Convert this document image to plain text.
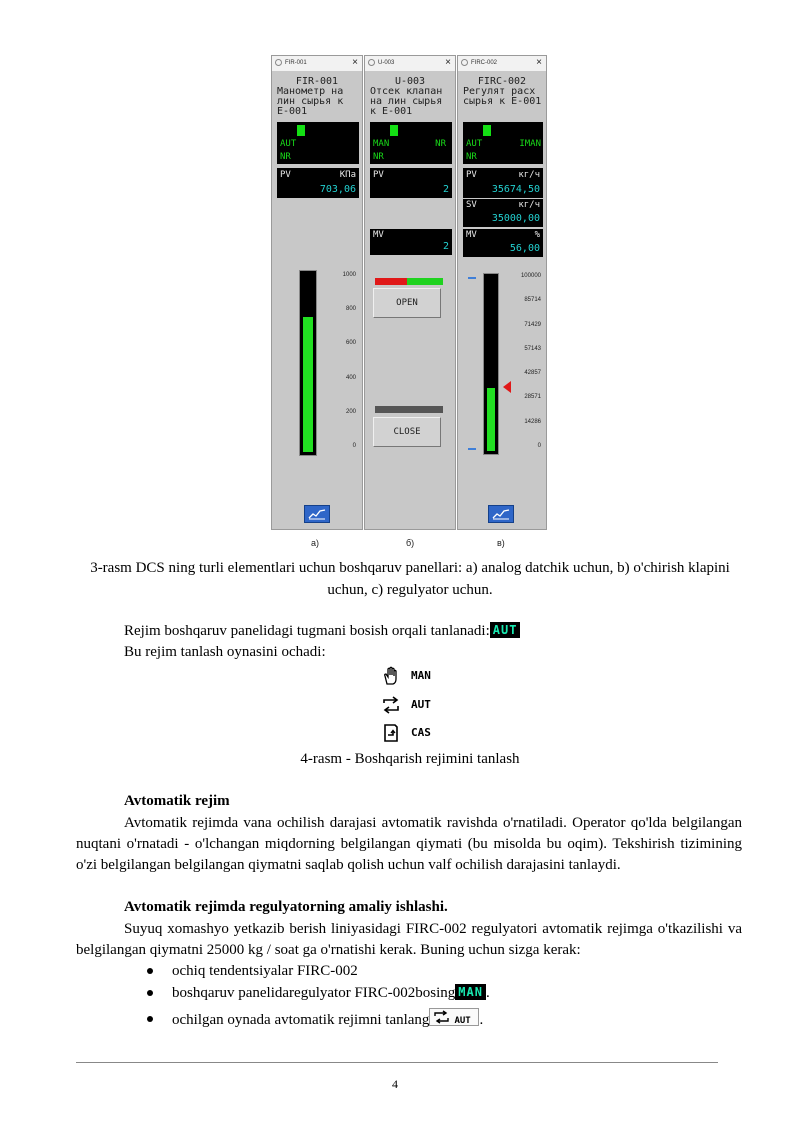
FIR-001	×
FIR-001
Манометр на
лин сырья к
E-001
AUT
NR
PV	КПа
703,06
1000
800
600
400
200
0
U-003	×
U-003
Отсек клапан
на лин сырья
к E-001
MAN	NR
NR
PV
2
MV
2
OPEN
CLOSE
FIRC-002	×
FIRC-002
Регулят расх
сырья к E-001
AUT	IMAN
NR
PV	кг/ч
35674,50
SV	кг/ч
35000,00
MV	%
56,00
100000
85714
71429
57143
42857
28571
14286
0
а)	б)	в)
3-rasm DCS ning turli elementlari uchun boshqaruv panellari: a) analog datchik uchun, b) o'chirish klapini uchun, c) regulyator uchun.
Rejim boshqaruv panelidagi tugmani bosish orqali tanlanadi: AUT
Bu rejim tanlash oynasini ochadi:
MAN
AUT
CAS
4-rasm - Boshqarish rejimini tanlash
Avtomatik rejim
Avtomatik rejimda vana ochilish darajasi avtomatik ravishda o'rnatiladi. Operator qo'lda belgilangan nuqtani o'rnatadi - o'lchangan miqdorning belgilangan qiymati (bu misolda bu oqim). Tekshirish tizimining o'zi belgilangan belgilangan qiymatni saqlab qolish uchun valf ochilish darajasini tanlaydi.
Avtomatik rejimda regulyatorning amaliy ishlashi.
Suyuq xomashyo yetkazib berish liniyasidagi FIRC-002 regulyatori avtomatik rejimga o'tkazilishi va belgilangan qiymatni 25000 kg / soat ga o'rnatishi kerak. Buning uchun sizga kerak:
ochiq tendentsiyalar FIRC-002
boshqaruv panelidaregulyator FIRC-002bosing MAN .
ochilgan oynada avtomatik rejimni tanlang	AUT .
4
